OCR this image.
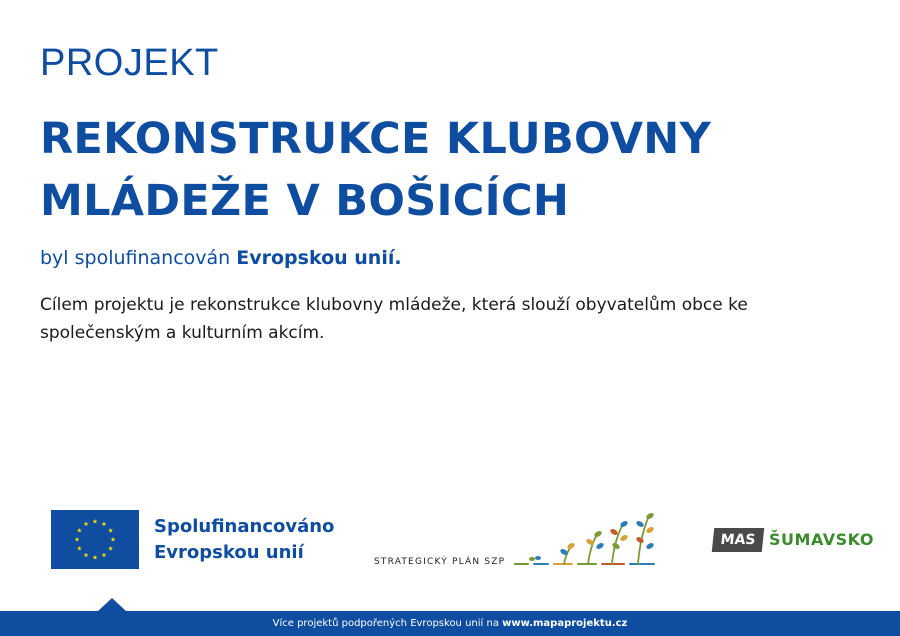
PROJEKT
REKONSTRUKCE KLUBOVNY
MLÁDEŽE V BOŠICÍCH

byl spolufinancován Evropskou unií.

Cílem projektu je rekonstrukce klubovny mládeže, která slouží obyvatelům obce ke společenským a kulturním akcím.

Spolufinancováno
Evropskou unií	STRATEGICKÝ PLÁN SZP
MAS ŠUMAVSKO
Více projektů podpořených Evropskou unií na www.mapaprojektu.cz
